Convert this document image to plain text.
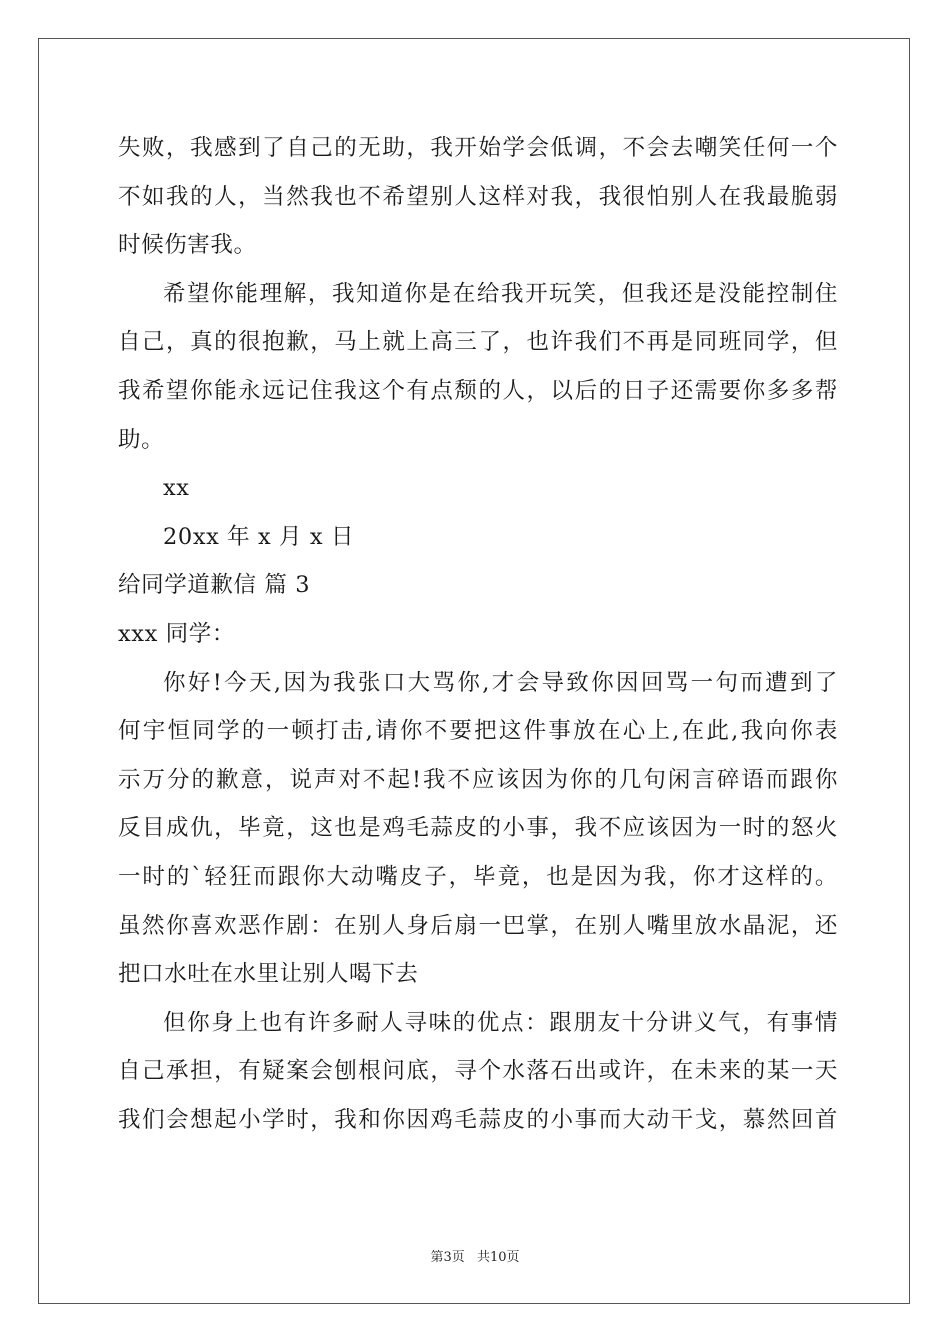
失败，我感到了自己的无助，我开始学会低调，不会去嘲笑任何一个
不如我的人，当然我也不希望别人这样对我，我很怕别人在我最脆弱
时候伤害我。
希望你能理解，我知道你是在给我开玩笑，但我还是没能控制住
自己，真的很抱歉，马上就上高三了，也许我们不再是同班同学，但
我希望你能永远记住我这个有点颓的人，以后的日子还需要你多多帮
助。
xx
20xx 年 x 月 x 日
给同学道歉信 篇 3
xxx 同学：
你好!今天,因为我张口大骂你,才会导致你因回骂一句而遭到了
何宇恒同学的一顿打击,请你不要把这件事放在心上,在此,我向你表
示万分的歉意，说声对不起!我不应该因为你的几句闲言碎语而跟你
反目成仇，毕竟，这也是鸡毛蒜皮的小事，我不应该因为一时的怒火
一时的`轻狂而跟你大动嘴皮子，毕竟，也是因为我，你才这样的。
虽然你喜欢恶作剧：在别人身后扇一巴掌，在别人嘴里放水晶泥，还
把口水吐在水里让别人喝下去
但你身上也有许多耐人寻味的优点：跟朋友十分讲义气，有事情
自己承担，有疑案会刨根问底，寻个水落石出或许，在未来的某一天
我们会想起小学时，我和你因鸡毛蒜皮的小事而大动干戈，慕然回首
第3页 共10页
